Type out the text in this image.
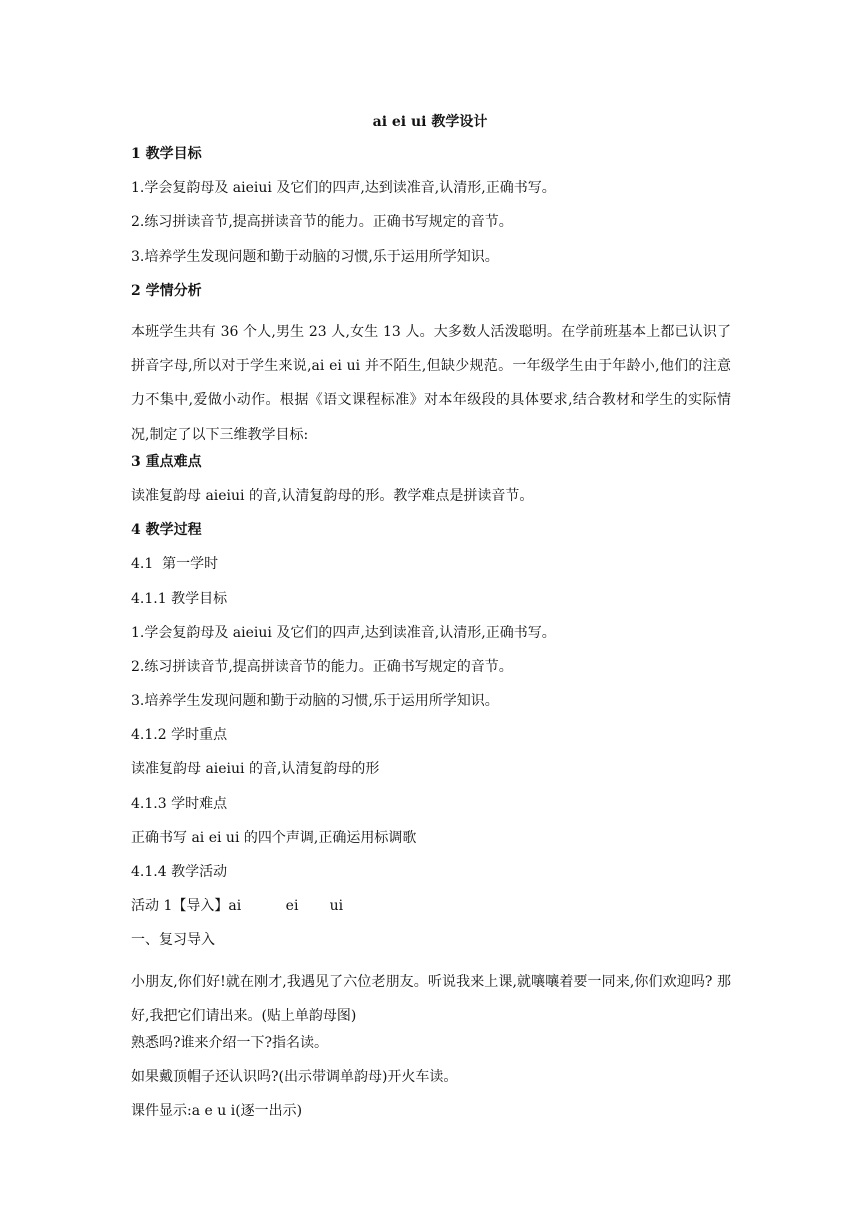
ai ei ui 教学设计
1 教学目标
1.学会复韵母及 aieiui 及它们的四声,达到读准音,认清形,正确书写。
2.练习拼读音节,提高拼读音节的能力。正确书写规定的音节。
3.培养学生发现问题和勤于动脑的习惯,乐于运用所学知识。
2 学情分析
本班学生共有 36 个人,男生 23 人,女生 13 人。大多数人活泼聪明。在学前班基本上都已认识了拼音字母,所以对于学生来说,ai ei ui 并不陌生,但缺少规范。一年级学生由于年龄小,他们的注意力不集中,爱做小动作。根据《语文课程标准》对本年级段的具体要求,结合教材和学生的实际情况,制定了以下三维教学目标:
3 重点难点
读准复韵母 aieiui 的音,认清复韵母的形。教学难点是拼读音节。
4 教学过程
4.1  第一学时
4.1.1 教学目标
1.学会复韵母及 aieiui 及它们的四声,达到读准音,认清形,正确书写。
2.练习拼读音节,提高拼读音节的能力。正确书写规定的音节。
3.培养学生发现问题和勤于动脑的习惯,乐于运用所学知识。
4.1.2 学时重点
读准复韵母 aieiui 的音,认清复韵母的形
4.1.3 学时难点
正确书写 ai ei ui 的四个声调,正确运用标调歌
4.1.4 教学活动
活动 1【导入】ai          ei       ui
一、复习导入
小朋友,你们好!就在刚才,我遇见了六位老朋友。听说我来上课,就嚷嚷着要一同来,你们欢迎吗? 那好,我把它们请出来。(贴上单韵母图)
熟悉吗?谁来介绍一下?指名读。
如果戴顶帽子还认识吗?(出示带调单韵母)开火车读。
课件显示:a e u i(逐一出示)
